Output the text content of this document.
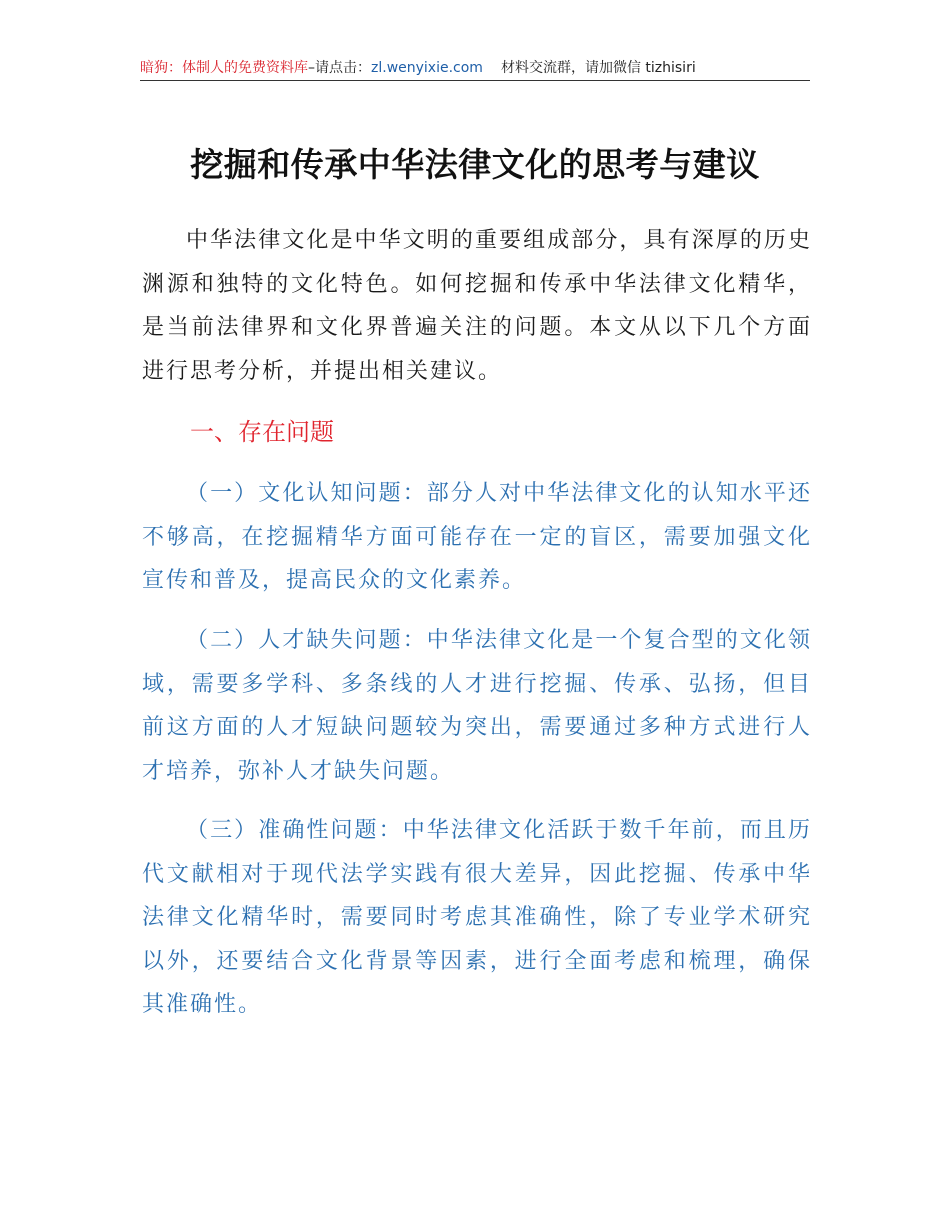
暗狗：体制人的免费资料库–请点击：zl.wenyixie.com 材料交流群，请加微信 tizhisiri
挖掘和传承中华法律文化的思考与建议

中华法律文化是中华文明的重要组成部分，具有深厚的历史渊源和独特的文化特色。如何挖掘和传承中华法律文化精华，是当前法律界和文化界普遍关注的问题。本文从以下几个方面进行思考分析，并提出相关建议。

一、存在问题

（一）文化认知问题：部分人对中华法律文化的认知水平还不够高，在挖掘精华方面可能存在一定的盲区，需要加强文化宣传和普及，提高民众的文化素养。

（二）人才缺失问题：中华法律文化是一个复合型的文化领域，需要多学科、多条线的人才进行挖掘、传承、弘扬，但目前这方面的人才短缺问题较为突出，需要通过多种方式进行人才培养，弥补人才缺失问题。

（三）准确性问题：中华法律文化活跃于数千年前，而且历代文献相对于现代法学实践有很大差异，因此挖掘、传承中华法律文化精华时，需要同时考虑其准确性，除了专业学术研究以外，还要结合文化背景等因素，进行全面考虑和梳理，确保其准确性。
